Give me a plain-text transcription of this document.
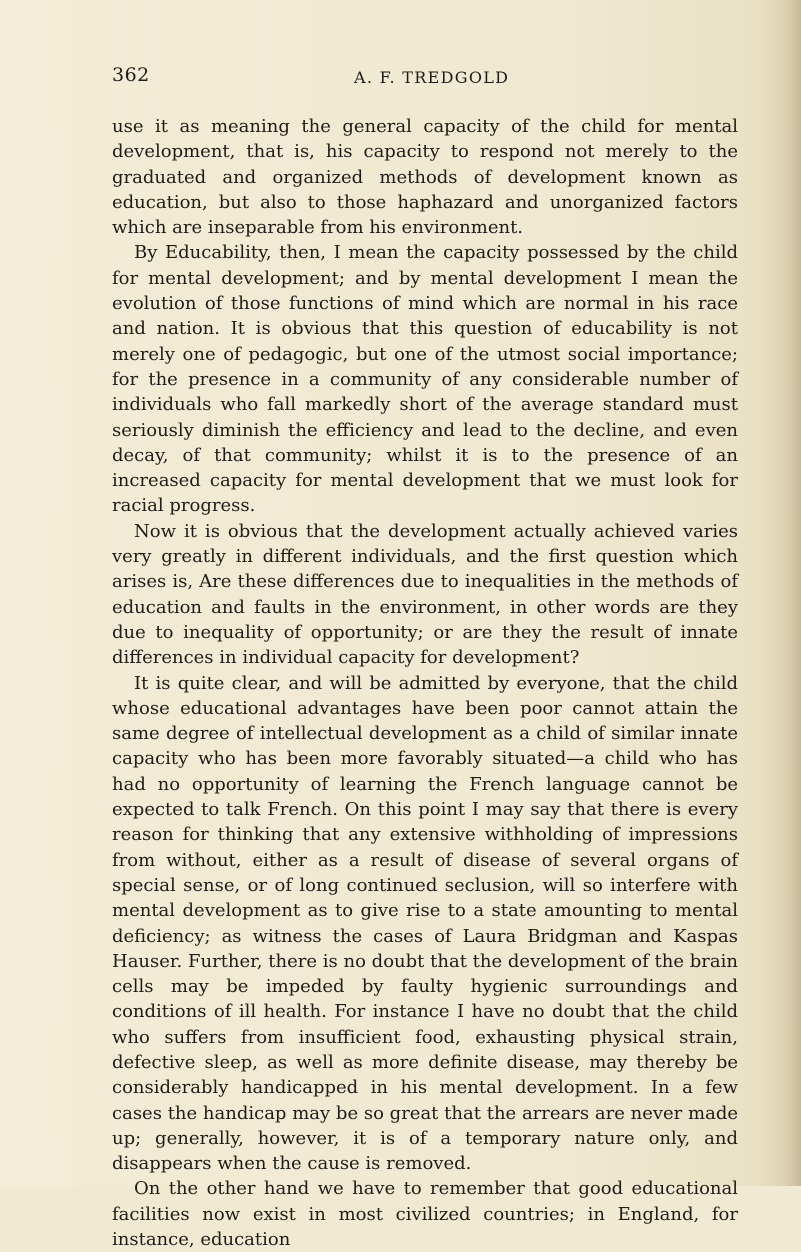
362	A. F. TREDGOLD

use it as meaning the general capacity of the child for mental development, that is, his capacity to respond not merely to the graduated and organized methods of development known as education, but also to those haphazard and unorganized factors which are inseparable from his environment.

By Educability, then, I mean the capacity possessed by the child for mental development; and by mental development I mean the evolution of those functions of mind which are normal in his race and nation. It is obvious that this question of educability is not merely one of pedagogic, but one of the utmost social importance; for the presence in a community of any considerable number of individuals who fall markedly short of the average standard must seriously diminish the efficiency and lead to the decline, and even decay, of that community; whilst it is to the presence of an increased capacity for mental development that we must look for racial progress.

Now it is obvious that the development actually achieved varies very greatly in different individuals, and the first question which arises is, Are these differences due to inequalities in the methods of education and faults in the environment, in other words are they due to inequality of opportunity; or are they the result of innate differences in individual capacity for development?

It is quite clear, and will be admitted by everyone, that the child whose educational advantages have been poor cannot attain the same degree of intellectual development as a child of similar innate capacity who has been more favorably situated—a child who has had no opportunity of learning the French language cannot be expected to talk French. On this point I may say that there is every reason for thinking that any extensive withholding of impressions from without, either as a result of disease of several organs of special sense, or of long continued seclusion, will so interfere with mental development as to give rise to a state amounting to mental deficiency; as witness the cases of Laura Bridgman and Kaspas Hauser. Further, there is no doubt that the development of the brain cells may be impeded by faulty hygienic surroundings and conditions of ill health. For instance I have no doubt that the child who suffers from insufficient food, exhausting physical strain, defective sleep, as well as more definite disease, may thereby be considerably handicapped in his mental development. In a few cases the handicap may be so great that the arrears are never made up; generally, however, it is of a temporary nature only, and disappears when the cause is removed.

On the other hand we have to remember that good educational facilities now exist in most civilized countries; in England, for instance, education
